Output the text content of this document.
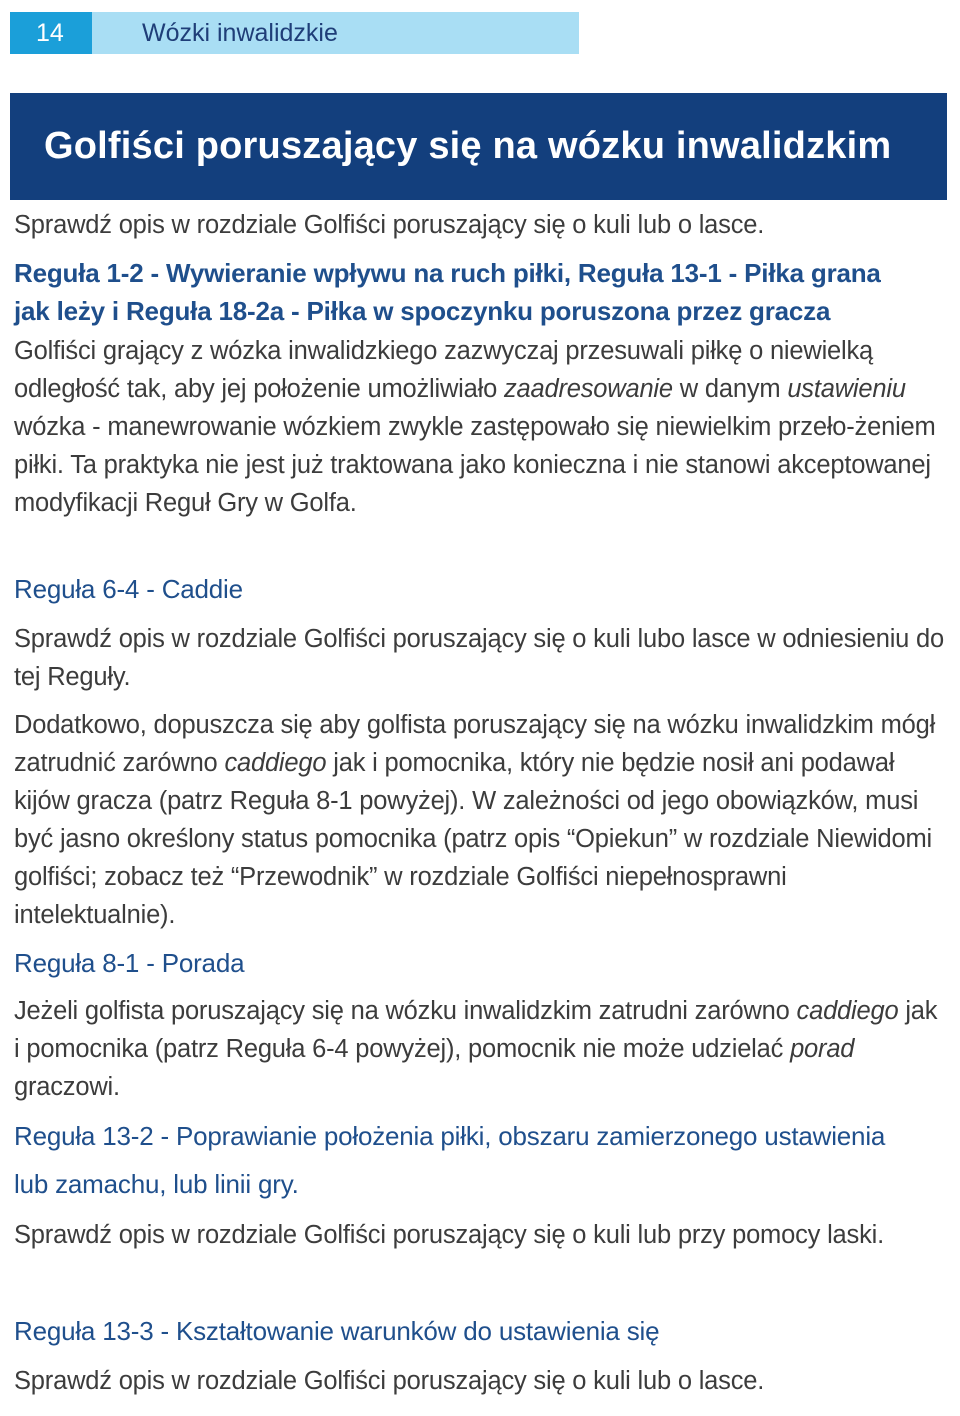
14	Wózki inwalidzkie
Golfiści poruszający się na wózku inwalidzkim

Sprawdź opis w rozdziale Golfiści poruszający się o kuli lub o lasce.

Reguła 1-2 - Wywieranie wpływu na ruch piłki, Reguła 13-1 - Piłka grana
jak leży i Reguła 18-2a - Piłka w spoczynku poruszona przez gracza

Golfiści grający z wózka inwalidzkiego zazwyczaj przesuwali piłkę o niewielką odległość tak, aby jej położenie umożliwiało zaadresowanie w danym ustawieniu wózka - manewrowanie wózkiem zwykle zastępowało się niewielkim przeło-żeniem piłki. Ta praktyka nie jest już traktowana jako konieczna i nie stanowi akceptowanej modyfikacji Reguł Gry w Golfa.

Reguła 6-4 - Caddie

Sprawdź opis w rozdziale Golfiści poruszający się o kuli lubo lasce w odniesieniu do tej Reguły.

Dodatkowo, dopuszcza się aby golfista poruszający się na wózku inwalidzkim mógł zatrudnić zarówno caddiego jak i pomocnika, który nie będzie nosił ani podawał kijów gracza (patrz Reguła 8-1 powyżej). W zależności od jego obowiązków, musi być jasno określony status pomocnika (patrz opis “Opiekun” w rozdziale Niewidomi golfiści; zobacz też “Przewodnik” w rozdziale Golfiści niepełnosprawni intelektualnie).

Reguła 8-1 - Porada

Jeżeli golfista poruszający się na wózku inwalidzkim zatrudni zarówno caddiego jak i pomocnika (patrz Reguła 6-4 powyżej), pomocnik nie może udzielać porad graczowi.

Reguła 13-2 - Poprawianie położenia piłki, obszaru zamierzonego ustawienia
lub zamachu, lub linii gry.

Sprawdź opis w rozdziale Golfiści poruszający się o kuli lub przy pomocy laski.

Reguła 13-3 - Kształtowanie warunków do ustawienia się

Sprawdź opis w rozdziale Golfiści poruszający się o kuli lub o lasce.
